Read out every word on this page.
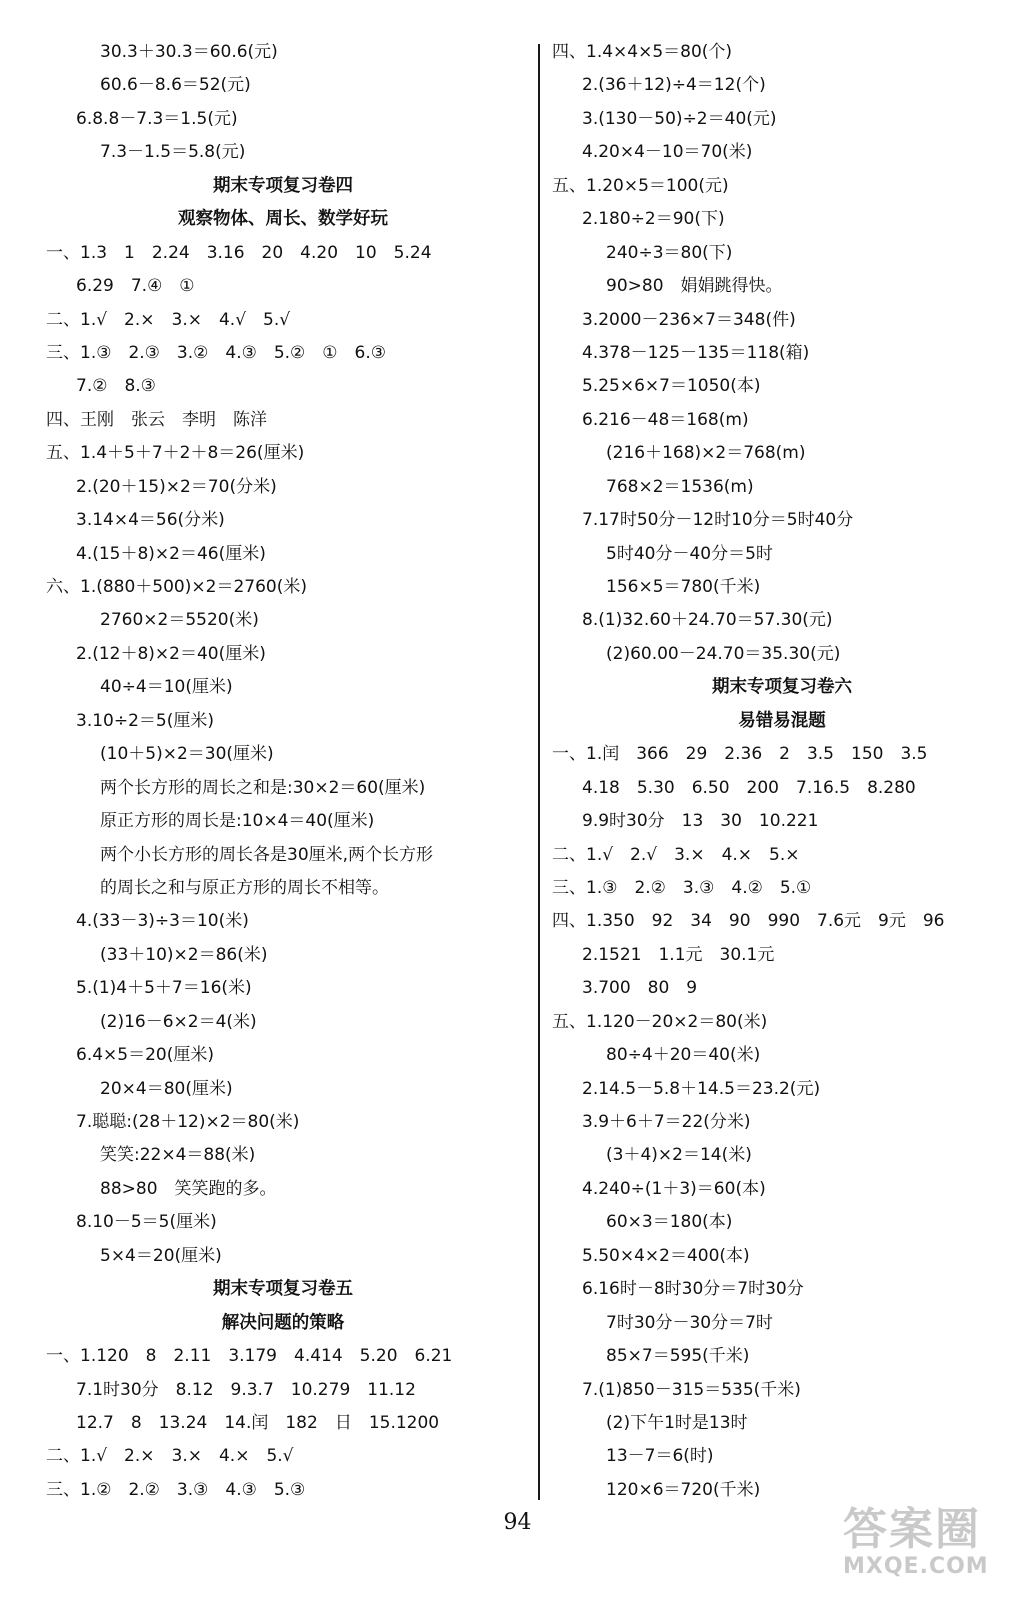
30.3＋30.3＝60.6(元)
60.6－8.6＝52(元)
6.8.8－7.3＝1.5(元)
7.3－1.5＝5.8(元)
期末专项复习卷四
观察物体、周长、数学好玩
一、1.3　1　2.24　3.16　20　4.20　10　5.24
6.29　7.④　①
二、1.√　2.×　3.×　4.√　5.√
三、1.③　2.③　3.②　4.③　5.②　①　6.③
7.②　8.③
四、王刚　张云　李明　陈洋
五、1.4＋5＋7＋2＋8＝26(厘米)
2.(20＋15)×2＝70(分米)
3.14×4＝56(分米)
4.(15＋8)×2＝46(厘米)
六、1.(880＋500)×2＝2760(米)
2760×2＝5520(米)
2.(12＋8)×2＝40(厘米)
40÷4＝10(厘米)
3.10÷2＝5(厘米)
(10＋5)×2＝30(厘米)
两个长方形的周长之和是:30×2＝60(厘米)
原正方形的周长是:10×4＝40(厘米)
两个小长方形的周长各是30厘米,两个长方形
的周长之和与原正方形的周长不相等。
4.(33－3)÷3＝10(米)
(33＋10)×2＝86(米)
5.(1)4＋5＋7＝16(米)
(2)16－6×2＝4(米)
6.4×5＝20(厘米)
20×4＝80(厘米)
7.聪聪:(28＋12)×2＝80(米)
笑笑:22×4＝88(米)
88>80　笑笑跑的多。
8.10－5＝5(厘米)
5×4＝20(厘米)
期末专项复习卷五
解决问题的策略
一、1.120　8　2.11　3.179　4.414　5.20　6.21
7.1时30分　8.12　9.3.7　10.279　11.12
12.7　8　13.24　14.闰　182　日　15.1200
二、1.√　2.×　3.×　4.×　5.√
三、1.②　2.②　3.③　4.③　5.③
四、1.4×4×5＝80(个)
2.(36＋12)÷4＝12(个)
3.(130－50)÷2＝40(元)
4.20×4－10＝70(米)
五、1.20×5＝100(元)
2.180÷2＝90(下)
240÷3＝80(下)
90>80　娟娟跳得快。
3.2000－236×7＝348(件)
4.378－125－135＝118(箱)
5.25×6×7＝1050(本)
6.216－48＝168(m)
(216＋168)×2＝768(m)
768×2＝1536(m)
7.17时50分－12时10分＝5时40分
5时40分－40分＝5时
156×5＝780(千米)
8.(1)32.60＋24.70＝57.30(元)
(2)60.00－24.70＝35.30(元)
期末专项复习卷六
易错易混题
一、1.闰　366　29　2.36　2　3.5　150　3.5
4.18　5.30　6.50　200　7.16.5　8.280
9.9时30分　13　30　10.221
二、1.√　2.√　3.×　4.×　5.×
三、1.③　2.②　3.③　4.②　5.①
四、1.350　92　34　90　990　7.6元　9元　96
2.1521　1.1元　30.1元
3.700　80　9
五、1.120－20×2＝80(米)
80÷4＋20＝40(米)
2.14.5－5.8＋14.5＝23.2(元)
3.9＋6＋7＝22(分米)
(3＋4)×2＝14(米)
4.240÷(1＋3)＝60(本)
60×3＝180(本)
5.50×4×2＝400(本)
6.16时－8时30分＝7时30分
7时30分－30分＝7时
85×7＝595(千米)
7.(1)850－315＝535(千米)
(2)下午1时是13时
13－7＝6(时)
120×6＝720(千米)
94	答案圈
MXQE.COM
